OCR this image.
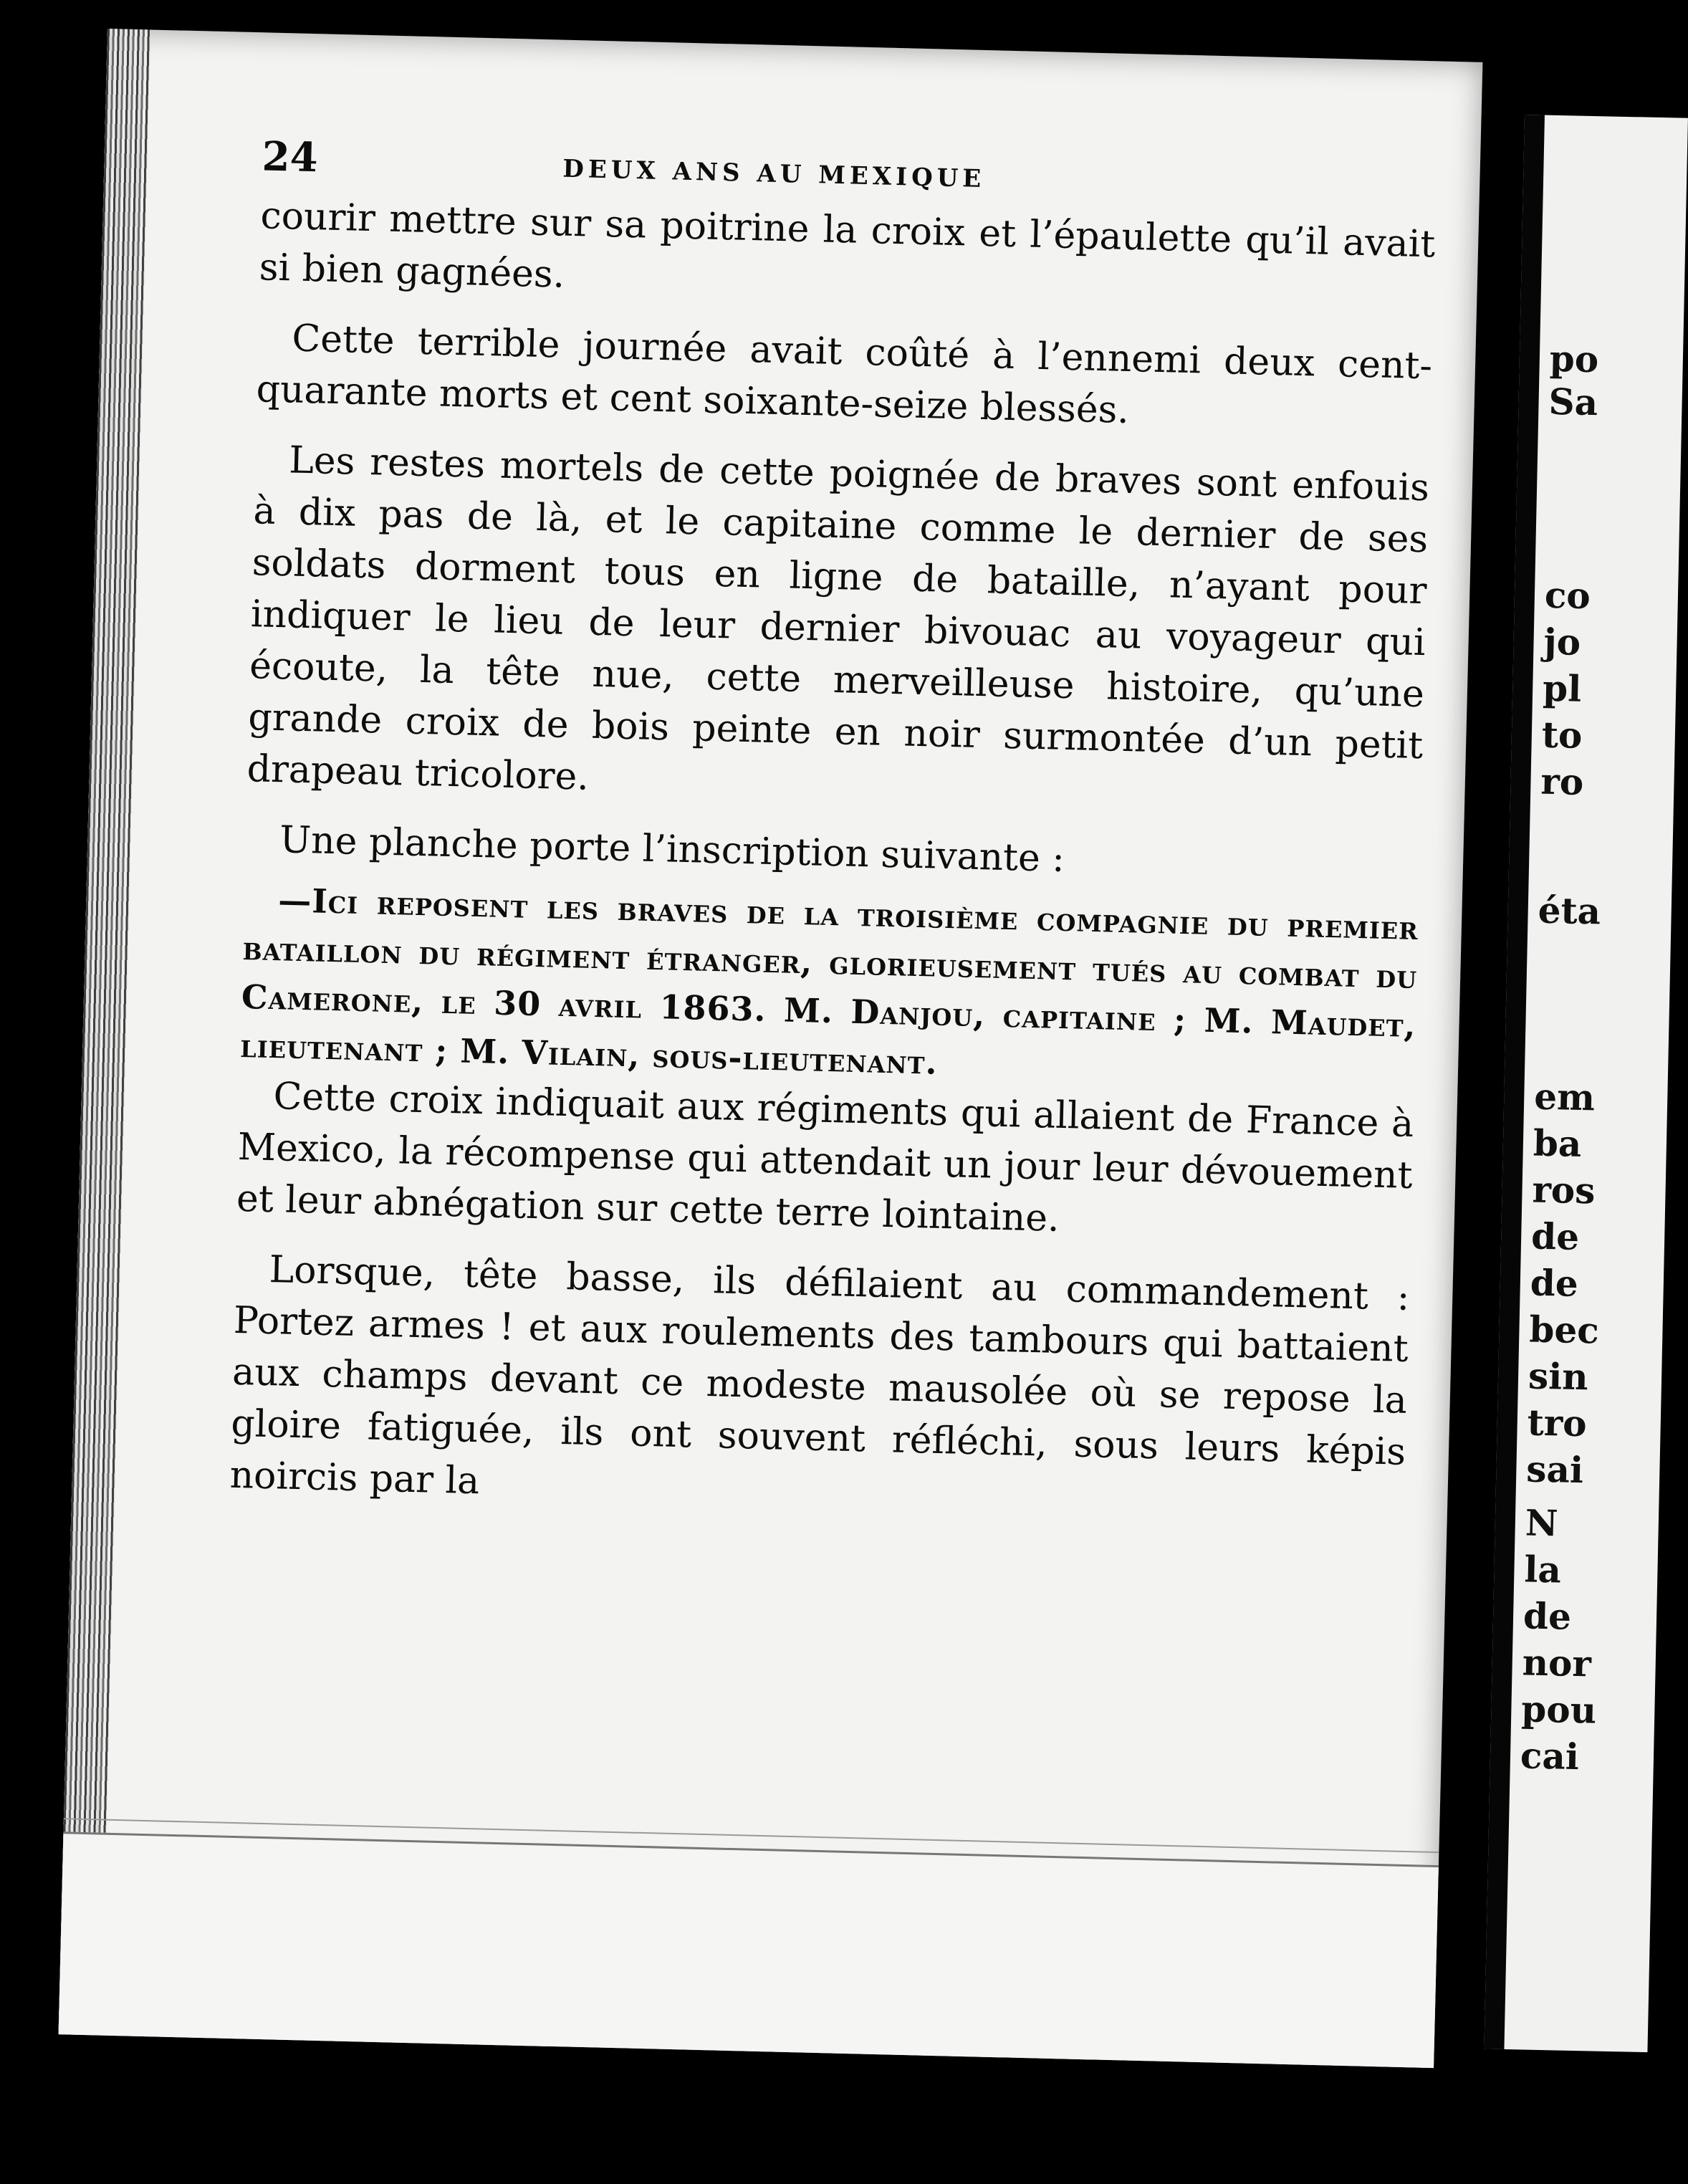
24	DEUX ANS AU MEXIQUE

courir mettre sur sa poitrine la croix et l’épaulette qu’il avait si bien gagnées.

Cette terrible journée avait coûté à l’ennemi deux cent-quarante morts et cent soixante-seize blessés.

Les restes mortels de cette poignée de braves sont enfouis à dix pas de là, et le capitaine comme le dernier de ses soldats dorment tous en ligne de bataille, n’ayant pour indiquer le lieu de leur dernier bivouac au voyageur qui écoute, la tête nue, cette merveilleuse histoire, qu’une grande croix de bois peinte en noir surmontée d’un petit drapeau tricolore.

Une planche porte l’inscription suivante :

—Ici reposent les braves de la troisième compagnie du premier bataillon du régiment étranger, glorieusement tués au combat du Camerone, le 30 avril 1863. M. Danjou, capitaine ; M. Maudet, lieutenant ; M. Vilain, sous-lieutenant.

Cette croix indiquait aux régiments qui allaient de France à Mexico, la récompense qui attendait un jour leur dévouement et leur abnégation sur cette terre lointaine.

Lorsque, tête basse, ils défilaient au commandement : Portez armes ! et aux roulements des tambours qui battaient aux champs devant ce modeste mausolée où se repose la gloire fatiguée, ils ont souvent réfléchi, sous leurs képis noircis par la

po
Sa
co
jo
pl
to
ro
éta
em
ba
ros
de
de
bec
sin
tro
sai
N
la
de
nor
pou
cai
